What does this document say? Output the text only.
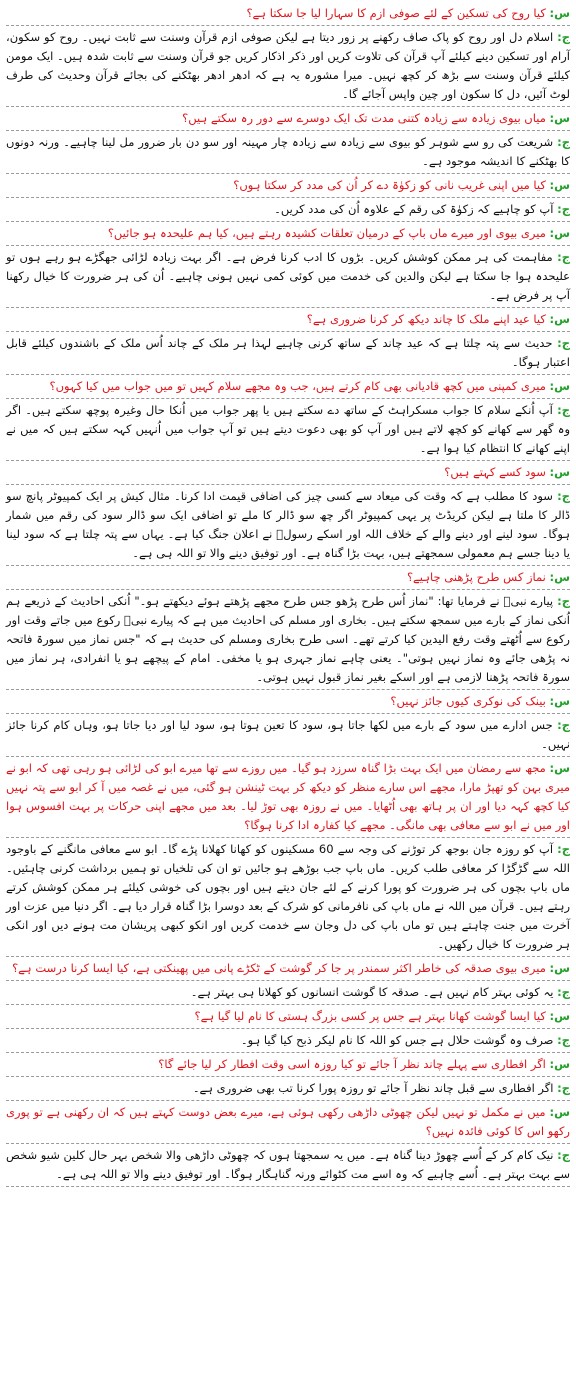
س: کیا روح کی تسکین کے لئے صوفی ازم کا سہارا لیا جا سکتا ہے؟

ج: اسلام دل اور روح کو پاک صاف رکھنے پر زور دیتا ہے لیکن صوفی ازم قرآن وسنت سے ثابت نہیں۔ روح کو سکون، آرام اور تسکین دینے کیلئے آپ قرآن کی تلاوت کریں اور ذکر اذکار کریں جو قرآن وسنت سے ثابت شدہ ہیں۔ ایک مومن کیلئے قرآن وسنت سے بڑھ کر کچھ نہیں۔ میرا مشورہ یہ ہے کہ ادھر ادھر بھٹکنے کی بجائے قرآن وحدیث کی طرف لوٹ آئیں، دل کا سکون اور چین واپس آجائے گا۔

س: میاں بیوی زیادہ سے زیادہ کتنی مدت تک ایک دوسرے سے دور رہ سکتے ہیں؟

ج: شریعت کی رو سے شوہر کو بیوی سے زیادہ سے زیادہ چار مہینہ اور سو دن بار ضرور مل لینا چاہیے۔ ورنہ دونوں کا بھٹکنے کا اندیشہ موجود ہے۔

س: کیا میں اپنی غریب نانی کو زکوٰۃ دے کر اُن کی مدد کر سکتا ہوں؟

ج: آپ کو چاہیے کہ زکوٰۃ کی رقم کے علاوہ اُن کی مدد کریں۔

س: میری بیوی اور میرے ماں باپ کے درمیان تعلقات کشیدہ رہتے ہیں، کیا ہم علیحدہ ہو جائیں؟

ج: مفاہمت کی ہر ممکن کوشش کریں۔ بڑوں کا ادب کرنا فرض ہے۔ اگر بہت زیادہ لڑائی جھگڑے ہو رہے ہوں تو علیحدہ ہوا جا سکتا ہے لیکن والدین کی خدمت میں کوئی کمی نہیں ہونی چاہیے۔ اُن کی ہر ضرورت کا خیال رکھنا آپ پر فرض ہے۔

س: کیا عید اپنے ملک کا چاند دیکھ کر کرنا ضروری ہے؟

ج: حدیث سے پتہ چلتا ہے کہ عید چاند کے ساتھ کرنی چاہیے لہذا ہر ملک کے چاند اُس ملک کے باشندوں کیلئے قابل اعتبار ہوگا۔

س: میری کمپنی میں کچھ قادیانی بھی کام کرتے ہیں، جب وہ مجھے سلام کہیں تو میں جواب میں کیا کہوں؟

ج: آپ اُنکے سلام کا جواب مسکراہٹ کے ساتھ دے سکتے ہیں یا پھر جواب میں اُنکا حال وغیرہ پوچھ سکتے ہیں۔ اگر وہ گھر سے کھانے کو کچھ لاتے ہیں اور آپ کو بھی دعوت دیتے ہیں تو آپ جواب میں اُنہیں کہہ سکتے ہیں کہ میں نے اپنے کھانے کا انتظام کیا ہوا ہے۔

س: سود کسے کہتے ہیں؟

ج: سود کا مطلب ہے کہ وقت کی میعاد سے کسی چیز کی اضافی قیمت ادا کرنا۔ مثال کیش پر ایک کمپیوٹر پانچ سو ڈالر کا ملتا ہے لیکن کریڈٹ پر یہی کمپیوٹر اگر چھ سو ڈالر کا ملے تو اضافی ایک سو ڈالر سود کی رقم میں شمار ہوگا۔ سود لینے اور دینے والے کے خلاف اللہ اور اسکے رسولؐ نے اعلان جنگ کیا ہے۔ یہاں سے پتہ چلتا ہے کہ سود لینا یا دینا جسے ہم معمولی سمجھتے ہیں، بہت بڑا گناہ ہے۔ اور توفیق دینے والا تو اللہ ہی ہے۔

س: نماز کس طرح پڑھنی چاہیے؟

ج: پیارے نبیؐ نے فرمایا تھا: "نماز اُس طرح پڑھو جس طرح مجھے پڑھتے ہوئے دیکھتے ہو۔" اُنکی احادیث کے ذریعے ہم اُنکی نماز کے بارے میں سمجھ سکتے ہیں۔ بخاری اور مسلم کی احادیث میں ہے کہ پیارے نبیؐ رکوع میں جاتے وقت اور رکوع سے اُٹھتے وقت رفع الیدین کیا کرتے تھے۔ اسی طرح بخاری ومسلم کی حدیث ہے کہ "جس نماز میں سورۃ فاتحہ نہ پڑھی جائے وہ نماز نہیں ہوتی"۔ یعنی چاہے نماز جہری ہو یا مخفی۔ امام کے پیچھے ہو یا انفرادی، ہر نماز میں سورۃ فاتحہ پڑھنا لازمی ہے اور اسکے بغیر نماز قبول نہیں ہوتی۔

س: بینک کی نوکری کیوں جائز نہیں؟

ج: جس ادارے میں سود کے بارے میں لکھا جاتا ہو، سود کا تعین ہوتا ہو، سود لیا اور دیا جاتا ہو، وہاں کام کرنا جائز نہیں۔

س: مجھ سے رمضان میں ایک بہت بڑا گناہ سرزد ہو گیا۔ میں روزے سے تھا میرے ابو کی لڑائی ہو رہی تھی کہ ابو نے میری بہن کو تھپڑ مارا، مجھے اس سارے منظر کو دیکھ کر بہت ٹینشن ہو گئی، میں نے غصہ میں آ کر ابو سے پتہ نہیں کیا کچھ کہہ دیا اور ان پر ہاتھ بھی اُٹھایا۔ میں نے روزہ بھی توڑ لیا۔ بعد میں مجھے اپنی حرکات پر بہت افسوس ہوا اور میں نے ابو سے معافی بھی مانگی۔ مجھے کیا کفارہ ادا کرنا ہوگا؟

ج: آپ کو روزہ جان بوجھ کر توڑنے کی وجہ سے 60 مسکینوں کو کھانا کھلانا پڑے گا۔ ابو سے معافی مانگنے کے باوجود اللہ سے گڑگڑا کر معافی طلب کریں۔ ماں باپ جب بوڑھے ہو جائیں تو ان کی تلخیاں تو ہمیں برداشت کرنی چاہئیں۔ ماں باپ بچوں کی ہر ضرورت کو پورا کرنے کے لئے جان دیتے ہیں اور بچوں کی خوشی کیلئے ہر ممکن کوشش کرتے رہتے ہیں۔ قرآن میں اللہ نے ماں باپ کی نافرمانی کو شرک کے بعد دوسرا بڑا گناہ قرار دیا ہے۔ اگر دنیا میں عزت اور آخرت میں جنت چاہتے ہیں تو ماں باپ کی دل وجان سے خدمت کریں اور انکو کبھی پریشان مت ہونے دیں اور انکی ہر ضرورت کا خیال رکھیں۔

س: میری بیوی صدقہ کی خاطر اکثر سمندر پر جا کر گوشت کے ٹکڑے پانی میں پھینکتی ہے، کیا ایسا کرنا درست ہے؟

ج: یہ کوئی بہتر کام نہیں ہے۔ صدقہ کا گوشت انسانوں کو کھلانا ہی بہتر ہے۔

س: کیا ایسا گوشت کھانا بہتر ہے جس پر کسی بزرگ ہستی کا نام لیا گیا ہے؟

ج: صرف وہ گوشت حلال ہے جس کو اللہ کا نام لیکر ذبح کیا گیا ہو۔

س: اگر افطاری سے پہلے چاند نظر آ جائے تو کیا روزہ اسی وقت افطار کر لیا جائے گا؟

ج: اگر افطاری سے قبل چاند نظر آ جائے تو روزہ پورا کرنا تب بھی ضروری ہے۔

س: میں نے مکمل تو نہیں لیکن چھوٹی داڑھی رکھی ہوئی ہے، میرے بعض دوست کہتے ہیں کہ ان رکھنی ہے تو پوری رکھو اس کا کوئی فائدہ نہیں؟

ج: نیک کام کر کے اُسے چھوڑ دینا گناہ ہے۔ میں یہ سمجھتا ہوں کہ چھوٹی داڑھی والا شخص بہر حال کلین شیو شخص سے بہت بہتر ہے۔ اُسے چاہیے کہ وہ اسے مت کٹوائے ورنہ گناہگار ہوگا۔ اور توفیق دینے والا تو اللہ ہی ہے۔
